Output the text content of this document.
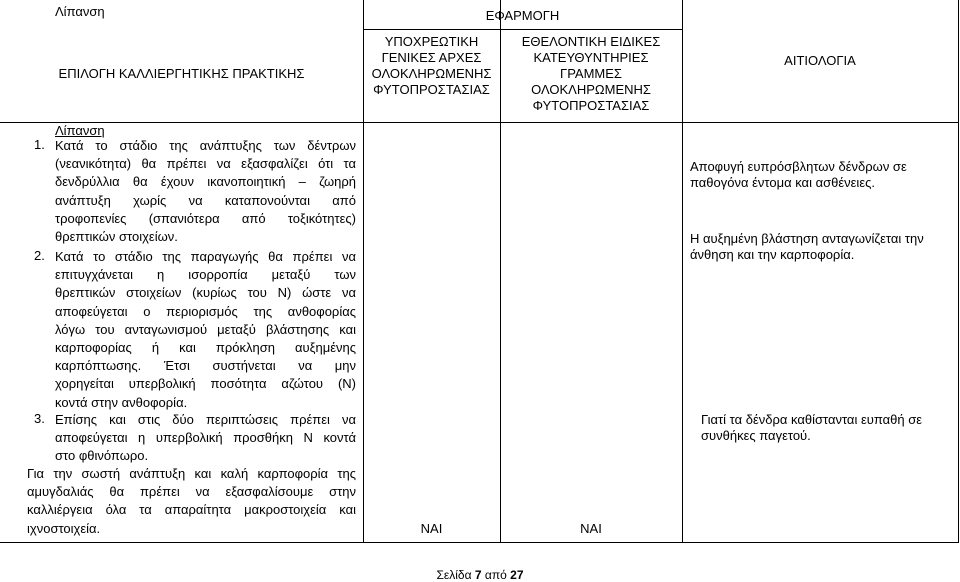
Λίπανση
ΕΠΙΛΟΓΗ ΚΑΛΛΙΕΡΓΗΤΙΚΗΣ ΠΡΑΚΤΙΚΗΣ
ΕΦΑΡΜΟΓΗ
ΥΠΟΧΡΕΩΤΙΚΗ ΓΕΝΙΚΕΣ ΑΡΧΕΣ ΟΛΟΚΛΗΡΩΜΕΝΗΣ ΦΥΤΟΠΡΟΣΤΑΣΙΑΣ
ΕΘΕΛΟΝΤΙΚΗ ΕΙΔΙΚΕΣ ΚΑΤΕΥΘΥΝΤΗΡΙΕΣ ΓΡΑΜΜΕΣ ΟΛΟΚΛΗΡΩΜΕΝΗΣ ΦΥΤΟΠΡΟΣΤΑΣΙΑΣ
ΑΙΤΙΟΛΟΓΙΑ
Λίπανση
1. Κατά το στάδιο της ανάπτυξης των δέντρων
(νεανικότητα) θα πρέπει να εξασφαλίζει ότι τα
δενδρύλλια θα έχουν ικανοποιητική – ζωηρή
ανάπτυξη χωρίς να καταπονούνται από
τροφοπενίες (σπανιότερα από τοξικότητες)
θρεπτικών στοιχείων.
2. Κατά το στάδιο της παραγωγής θα πρέπει να
επιτυγχάνεται η ισορροπία μεταξύ των
θρεπτικών στοιχείων (κυρίως του N) ώστε να
αποφεύγεται ο περιορισμός της ανθοφορίας
λόγω του ανταγωνισμού μεταξύ βλάστησης και
καρποφορίας ή και πρόκληση αυξημένης
καρπόπτωσης. Έτσι συστήνεται να μην
χορηγείται υπερβολική ποσότητα αζώτου (N)
κοντά στην ανθοφορία.
3. Επίσης και στις δύο περιπτώσεις πρέπει να
αποφεύγεται η υπερβολική προσθήκη N κοντά
στο φθινόπωρο.
Για την σωστή ανάπτυξη και καλή καρποφορία της
αμυγδαλιάς θα πρέπει να εξασφαλίσουμε στην
καλλιέργεια όλα τα απαραίτητα μακροστοιχεία και
ιχνοστοιχεία.	ΝΑΙ	ΝΑΙ
Αποφυγή ευπρόσβλητων δένδρων σε παθογόνα έντομα και ασθένειες.
Η αυξημένη βλάστηση ανταγωνίζεται την άνθηση και την καρποφορία.
Γιατί τα δένδρα καθίστανται ευπαθή σε συνθήκες παγετού.
Σελίδα 7 από 27
